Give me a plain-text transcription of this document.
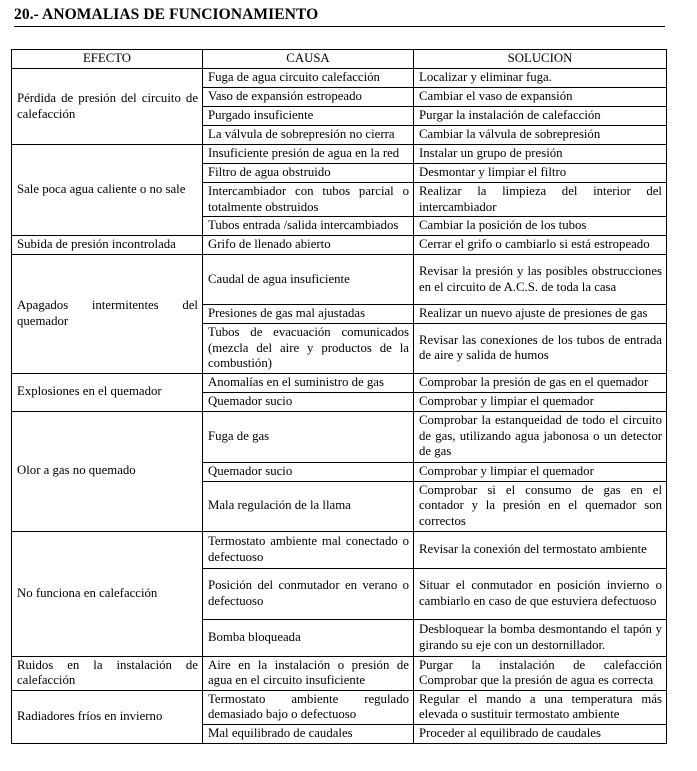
20.- ANOMALIAS DE FUNCIONAMIENTO
EFECTO	CAUSA	SOLUCION
Pérdida de presión del circuito de calefacción	Fuga de agua circuito calefacción	Localizar y eliminar fuga.
	Vaso de expansión estropeado	Cambiar el vaso de expansión
	Purgado insuficiente	Purgar la instalación de calefacción
	La válvula de sobrepresión no cierra	Cambiar la válvula de sobrepresión
Sale poca agua caliente o no sale	Insuficiente presión de agua en la red	Instalar un grupo de presión
	Filtro de agua obstruido	Desmontar y limpiar el filtro
	Intercambiador con tubos parcial o totalmente obstruidos	Realizar la limpieza del interior del intercambiador
	Tubos entrada /salida intercambiados	Cambiar la posición de los tubos
Subida de presión incontrolada	Grifo de llenado abierto	Cerrar el grifo o cambiarlo si está estropeado
Apagados intermitentes del quemador	Caudal de agua insuficiente	Revisar la presión y las posibles obstrucciones en el circuito de A.C.S. de toda la casa
	Presiones de gas mal ajustadas	Realizar un nuevo ajuste de presiones de gas
	Tubos de evacuación comunicados (mezcla del aire y productos de la combustión)	Revisar las conexiones de los tubos de entrada de aire y salida de humos
Explosiones en el quemador	Anomalías en el suministro de gas	Comprobar la presión de gas en el quemador
	Quemador sucio	Comprobar y limpiar el quemador
Olor a gas no quemado	Fuga de gas	Comprobar la estanqueidad de todo el circuito de gas, utilizando agua jabonosa o un detector de gas
	Quemador sucio	Comprobar y limpiar el quemador
	Mala regulación de la llama	Comprobar si el consumo de gas en el contador y la presión en el quemador son correctos
No funciona en calefacción	Termostato ambiente mal conectado o defectuoso	Revisar la conexión del termostato ambiente
	Posición del conmutador en verano o defectuoso	Situar el conmutador en posición invierno o cambiarlo en caso de que estuviera defectuoso
	Bomba bloqueada	Desbloquear la bomba desmontando el tapón y girando su eje con un destornillador.
Ruidos en la instalación de calefacción	Aire en la instalación o presión de agua en el circuito insuficiente	Purgar la instalación de calefacción Comprobar que la presión de agua es correcta
Radiadores fríos en invierno	Termostato ambiente regulado demasiado bajo o defectuoso	Regular el mando a una temperatura más elevada o sustituir termostato ambiente
	Mal equilibrado de caudales	Proceder al equilibrado de caudales
